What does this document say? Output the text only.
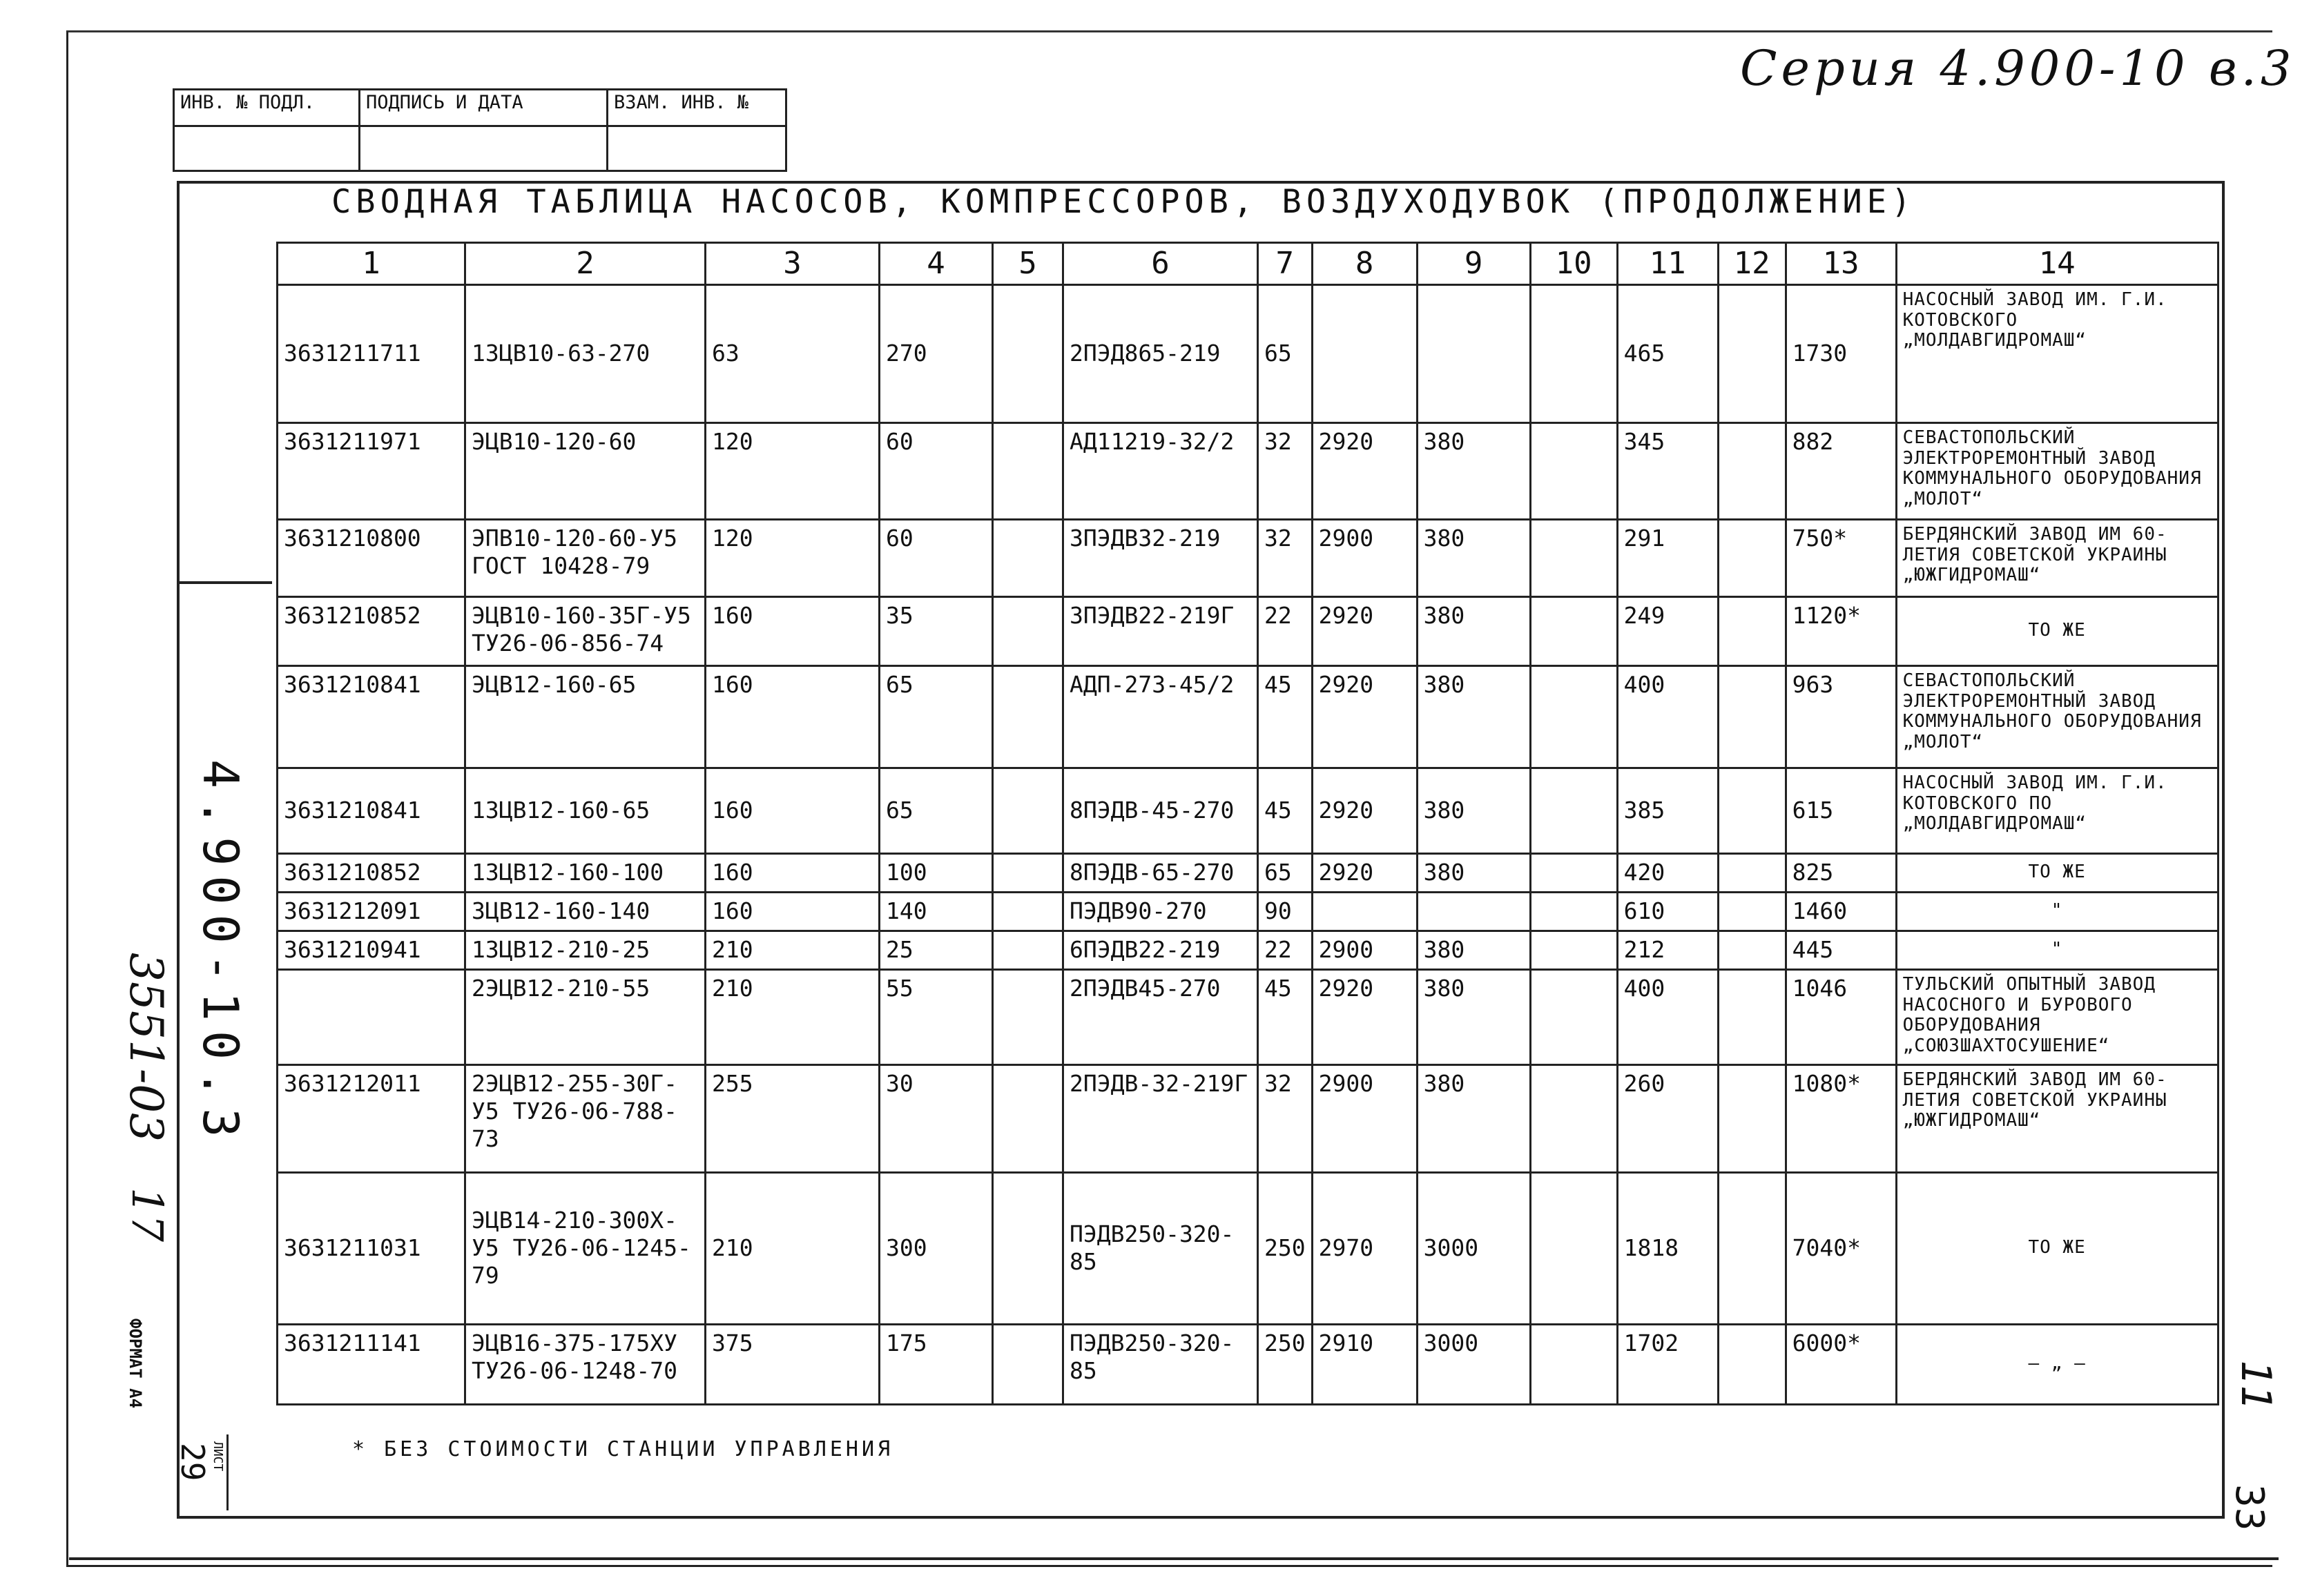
Серия 4.900-10 в.3
ИНВ. № ПОДЛ.	ПОДПИСЬ И ДАТА	ВЗАМ. ИНВ. №

СВОДНАЯ ТАБЛИЦА НАСОСОВ, КОМПРЕССОРОВ, ВОЗДУХОДУВОК (ПРОДОЛЖЕНИЕ)
1	2	3	4	5	6	7	8	9	10	11	12	13	14
3631211711	13ЦВ10-63-270	63	270		2ПЭД865-219	65				465		1730	НАСОСНЫЙ ЗАВОД ИМ. Г.И. КОТОВСКОГО „МОЛДАВГИДРОМАШ“
3631211971	ЭЦВ10-120-60	120	60		АД11219-32/2	32	2920	380		345		882	СЕВАСТОПОЛЬСКИЙ ЭЛЕКТРОРЕМОНТНЫЙ ЗАВОД КОММУНАЛЬНОГО ОБОРУДОВАНИЯ „МОЛОТ“
3631210800	ЭПВ10-120-60-У5 ГОСТ 10428-79	120	60		3ПЭДВ32-219	32	2900	380		291		750*	БЕРДЯНСКИЙ ЗАВОД ИМ 60-ЛЕТИЯ СОВЕТСКОЙ УКРАИНЫ „ЮЖГИДРОМАШ“
3631210852	ЭЦВ10-160-35Г-У5 ТУ26-06-856-74	160	35		3ПЭДВ22-219Г	22	2920	380		249		1120*	ТО ЖЕ
3631210841	ЭЦВ12-160-65	160	65		АДП-273-45/2	45	2920	380		400		963	СЕВАСТОПОЛЬСКИЙ ЭЛЕКТРОРЕМОНТНЫЙ ЗАВОД КОММУНАЛЬНОГО ОБОРУДОВАНИЯ „МОЛОТ“
3631210841	13ЦВ12-160-65	160	65		8ПЭДВ-45-270	45	2920	380		385		615	НАСОСНЫЙ ЗАВОД ИМ. Г.И. КОТОВСКОГО ПО „МОЛДАВГИДРОМАШ“
3631210852	13ЦВ12-160-100	160	100		8ПЭДВ-65-270	65	2920	380		420		825	ТО ЖЕ
3631212091	3ЦВ12-160-140	160	140		ПЭДВ90-270	90				610		1460	"
3631210941	13ЦВ12-210-25	210	25		6ПЭДВ22-219	22	2900	380		212		445	"
	2ЭЦВ12-210-55	210	55		2ПЭДВ45-270	45	2920	380		400		1046	ТУЛЬСКИЙ ОПЫТНЫЙ ЗАВОД НАСОСНОГО И БУРОВОГО ОБОРУДОВАНИЯ „СОЮЗШАХТОСУШЕНИЕ“
3631212011	2ЭЦВ12-255-30Г-У5 ТУ26-06-788-73	255	30		2ПЭДВ-32-219Г	32	2900	380		260		1080*	БЕРДЯНСКИЙ ЗАВОД ИМ 60-ЛЕТИЯ СОВЕТСКОЙ УКРАИНЫ „ЮЖГИДРОМАШ“
3631211031	ЭЦВ14-210-300Х-У5 ТУ26-06-1245-79	210	300		ПЭДВ250-320-85	250	2970	3000		1818		7040*	ТО ЖЕ
3631211141	ЭЦВ16-375-175ХУ ТУ26-06-1248-70	375	175		ПЭДВ250-320-85	250	2910	3000		1702		6000*	— „ —
4.900-10.3
3551-03
17
ФОРМАТ А4
ЛИСТ
29	* БЕЗ СТОИМОСТИ СТАНЦИИ УПРАВЛЕНИЯ
11
33
